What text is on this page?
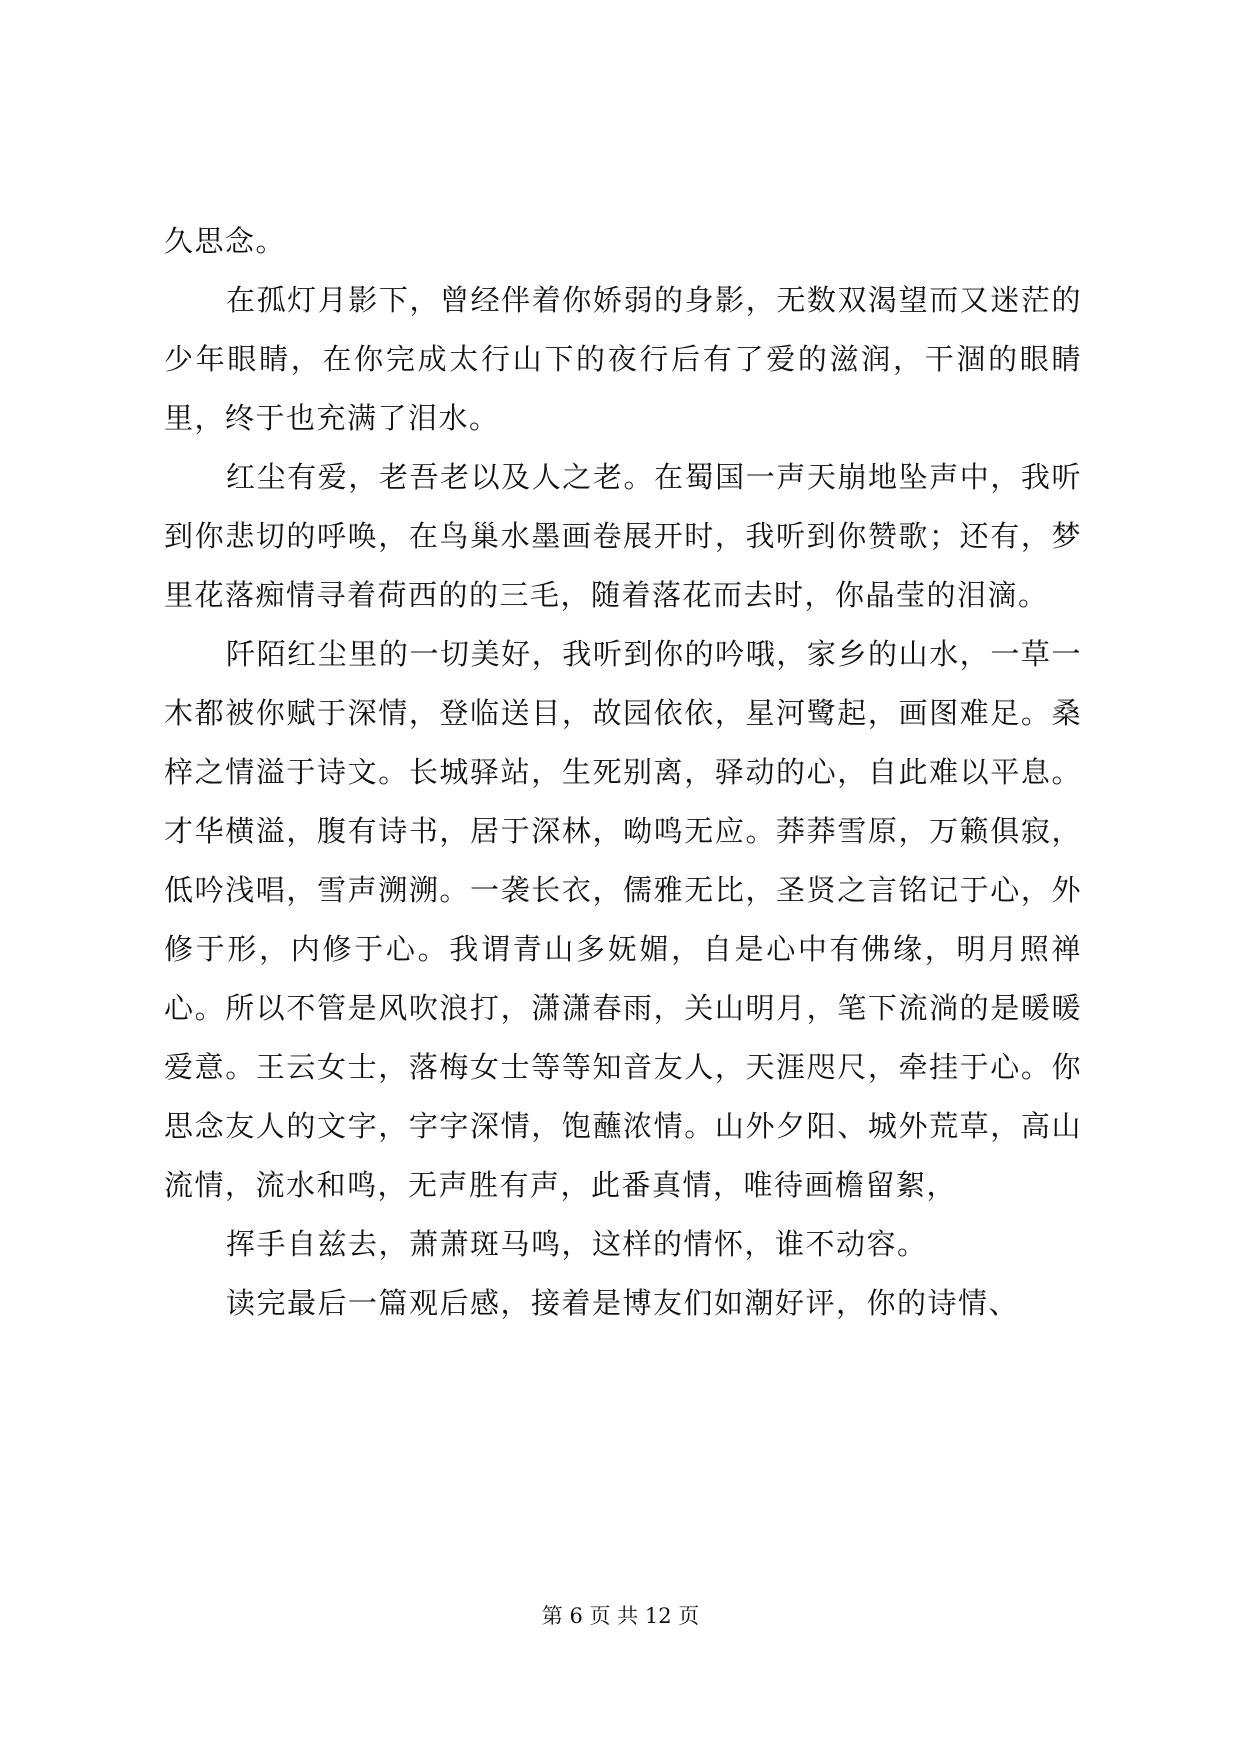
久思念。

在孤灯月影下，曾经伴着你娇弱的身影，无数双渴望而又迷茫的少年眼睛，在你完成太行山下的夜行后有了爱的滋润，干涸的眼睛里，终于也充满了泪水。

红尘有爱，老吾老以及人之老。在蜀国一声天崩地坠声中，我听到你悲切的呼唤，在鸟巢水墨画卷展开时，我听到你赞歌；还有，梦里花落痴情寻着荷西的的三毛，随着落花而去时，你晶莹的泪滴。

阡陌红尘里的一切美好，我听到你的吟哦，家乡的山水，一草一木都被你赋于深情，登临送目，故园依依，星河鹭起，画图难足。桑梓之情溢于诗文。长城驿站，生死别离，驿动的心，自此难以平息。才华横溢，腹有诗书，居于深林，呦鸣无应。莽莽雪原，万籁俱寂，低吟浅唱，雪声溯溯。一袭长衣，儒雅无比，圣贤之言铭记于心，外修于形，内修于心。我谓青山多妩媚，自是心中有佛缘，明月照禅心。所以不管是风吹浪打，潇潇春雨，关山明月，笔下流淌的是暖暖爱意。王云女士，落梅女士等等知音友人，天涯咫尺，牵挂于心。你思念友人的文字，字字深情，饱蘸浓情。山外夕阳、城外荒草，高山流情，流水和鸣，无声胜有声，此番真情，唯待画檐留絮，

挥手自兹去，萧萧斑马鸣，这样的情怀，谁不动容。

读完最后一篇观后感，接着是博友们如潮好评，你的诗情、

第 6 页 共 12 页
